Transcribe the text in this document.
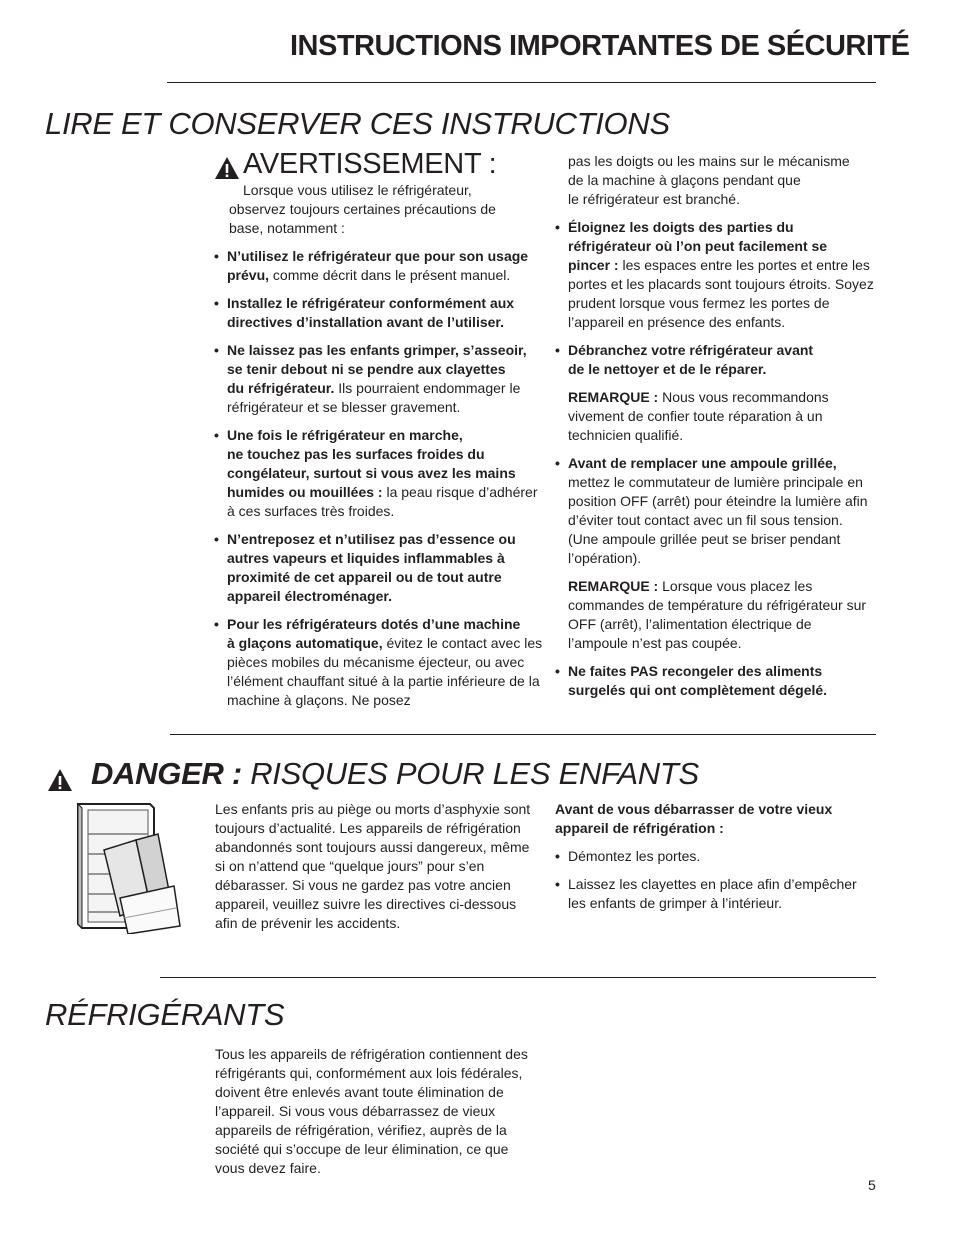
INSTRUCTIONS IMPORTANTES DE SÉCURITÉ
LIRE ET CONSERVER CES INSTRUCTIONS
AVERTISSEMENT :

Lorsque vous utilisez le réfrigérateur,

observez toujours certaines précautions de

base, notamment :

• N’utilisez le réfrigérateur que pour son usage
prévu, comme décrit dans le présent manuel.
• Installez le réfrigérateur conformément aux
directives d’installation avant de l’utiliser.
• Ne laissez pas les enfants grimper, s’asseoir,
se tenir debout ni se pendre aux clayettes
du réfrigérateur. Ils pourraient endommager le réfrigérateur et se blesser gravement.
• Une fois le réfrigérateur en marche,
ne touchez pas les surfaces froides du
congélateur, surtout si vous avez les mains
humides ou mouillées : la peau risque d’adhérer à ces surfaces très froides.
• N’entreposez et n’utilisez pas d’essence ou
autres vapeurs et liquides inflammables à
proximité de cet appareil ou de tout autre
appareil électroménager.
• Pour les réfrigérateurs dotés d’une machine
à glaçons automatique, évitez le contact avec les pièces mobiles du mécanisme éjecteur, ou avec l’élément chauffant situé à la partie inférieure de la machine à glaçons. Ne posez

pas les doigts ou les mains sur le mécanisme

de la machine à glaçons pendant que

le réfrigérateur est branché.

• Éloignez les doigts des parties du
réfrigérateur où l’on peut facilement se
pincer : les espaces entre les portes et entre les portes et les placards sont toujours étroits. Soyez prudent lorsque vous fermez les portes de l’appareil en présence des enfants.
• Débranchez votre réfrigérateur avant
de le nettoyer et de le réparer.
REMARQUE : Nous vous recommandons vivement de confier toute réparation à un technicien qualifié.
• Avant de remplacer une ampoule grillée, mettez le commutateur de lumière principale en position OFF (arrêt) pour éteindre la lumière afin d’éviter tout contact avec un fil sous tension. (Une ampoule grillée peut se briser pendant l’opération).
REMARQUE : Lorsque vous placez les commandes de température du réfrigérateur sur OFF (arrêt), l’alimentation électrique de l’ampoule n’est pas coupée.
• Ne faites PAS recongeler des aliments
surgelés qui ont complètement dégelé.
DANGER : RISQUES POUR LES ENFANTS
Les enfants pris au piège ou morts d’asphyxie sont toujours d’actualité. Les appareils de réfrigération abandonnés sont toujours aussi dangereux, même si on n’attend que “quelque jours” pour s’en débarasser. Si vous ne gardez pas votre ancien appareil, veuillez suivre les directives ci-dessous afin de prévenir les accidents.

Avant de vous débarrasser de votre vieux appareil de réfrigération :

• Démontez les portes.
• Laissez les clayettes en place afin d’empêcher les enfants de grimper à l’intérieur.
RÉFRIGÉRANTS
Tous les appareils de réfrigération contiennent des réfrigérants qui, conformément aux lois fédérales, doivent être enlevés avant toute élimination de l’appareil. Si vous vous débarrassez de vieux appareils de réfrigération, vérifiez, auprès de la société qui s’occupe de leur élimination, ce que vous devez faire.
5
